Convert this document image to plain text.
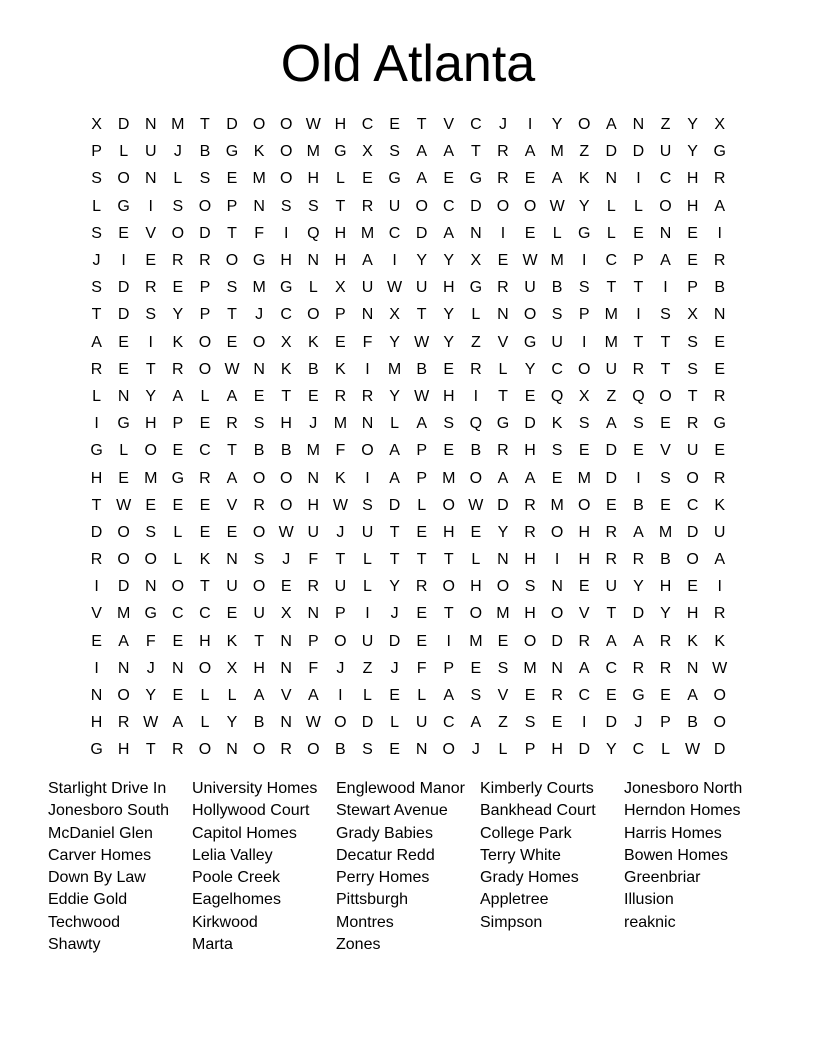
Old Atlanta
X D N M T	D O O W H C E	T	V C	J	I	Y O A N	Z	Y	X
P	L	U	J	B G K O M G X	S	A	A	T	R A M Z	D D U Y G
S O N	L	S	E M O H	L	E G A	E G R E	A	K N	I	C H R
L	G	I	S O P N S	S	T	R U O C D O O W Y	L	L	O H A
S	E	V O D	T	F	I	Q H M C D A N	I	E	L	G	L	E N E	I
J	I	E R R O G H N H A	I	Y	Y	X	E W M	I	C P	A	E R
S D R E	P	S M G	L	X U W U H G R U B	S	T	T	I	P	B
T	D S	Y	P	T	J	C O P N X	T	Y	L	N O S	P M	I	S	X N
A	E	I	K O E O X	K	E	F	Y W Y	Z	V G U	I	M T	T	S	E
R E	T	R O W N K	B	K	I	M B	E R	L	Y C O U R	T	S	E
L	N Y	A	L	A	E	T	E R R Y W H	I	T	E Q X	Z Q O T	R
I	G H P	E R S H	J	M N	L	A	S Q G D K	S	A	S	E R G
G	L	O E C	T	B	B M F O A	P	E	B R H S	E D E	V U E
H E M G R A O O N K	I	A	P M O A	A	E M D	I	S O R
T W E	E	E	V R O H W S D	L	O W D R M O E	B	E C K
D O S	L	E	E O W U	J	U	T	E H E	Y R O H R A M D U
R O O	L	K N S	J	F	T	L	T	T	T	L	N H	I	H R R B O A
I	D N O T	U O E R U	L	Y R O H O S N E U Y H E	I
V M G C C E U X N P	I	J	E	T O M H O V	T	D Y H R
E	A	F	E H K	T	N P O U D E	I	M E O D R A	A R K	K
I	N	J	N O X H N	F	J	Z	J	F	P	E	S M N A C R R N W
N O Y	E	L	L	A	V	A	I	L	E	L	A	S	V	E R C E G E	A O
H R W A	L	Y	B N W O D	L	U C A	Z	S	E	I	D	J	P	B O
G H	T	R O N O R O B	S	E N O	J	L	P H D Y C	L W D
Starlight Drive In
Jonesboro South
McDaniel Glen
Carver Homes
Down By Law
Eddie Gold
Techwood
Shawty
University Homes
Hollywood Court
Capitol Homes
Lelia Valley
Poole Creek
Eagelhomes
Kirkwood
Marta
Englewood Manor
Stewart Avenue
Grady Babies
Decatur Redd
Perry Homes
Pittsburgh
Montres
Zones
Kimberly Courts
Bankhead Court
College Park
Terry White
Grady Homes
Appletree
Simpson
Jonesboro North
Herndon Homes
Harris Homes
Bowen Homes
Greenbriar
Illusion
reaknic
